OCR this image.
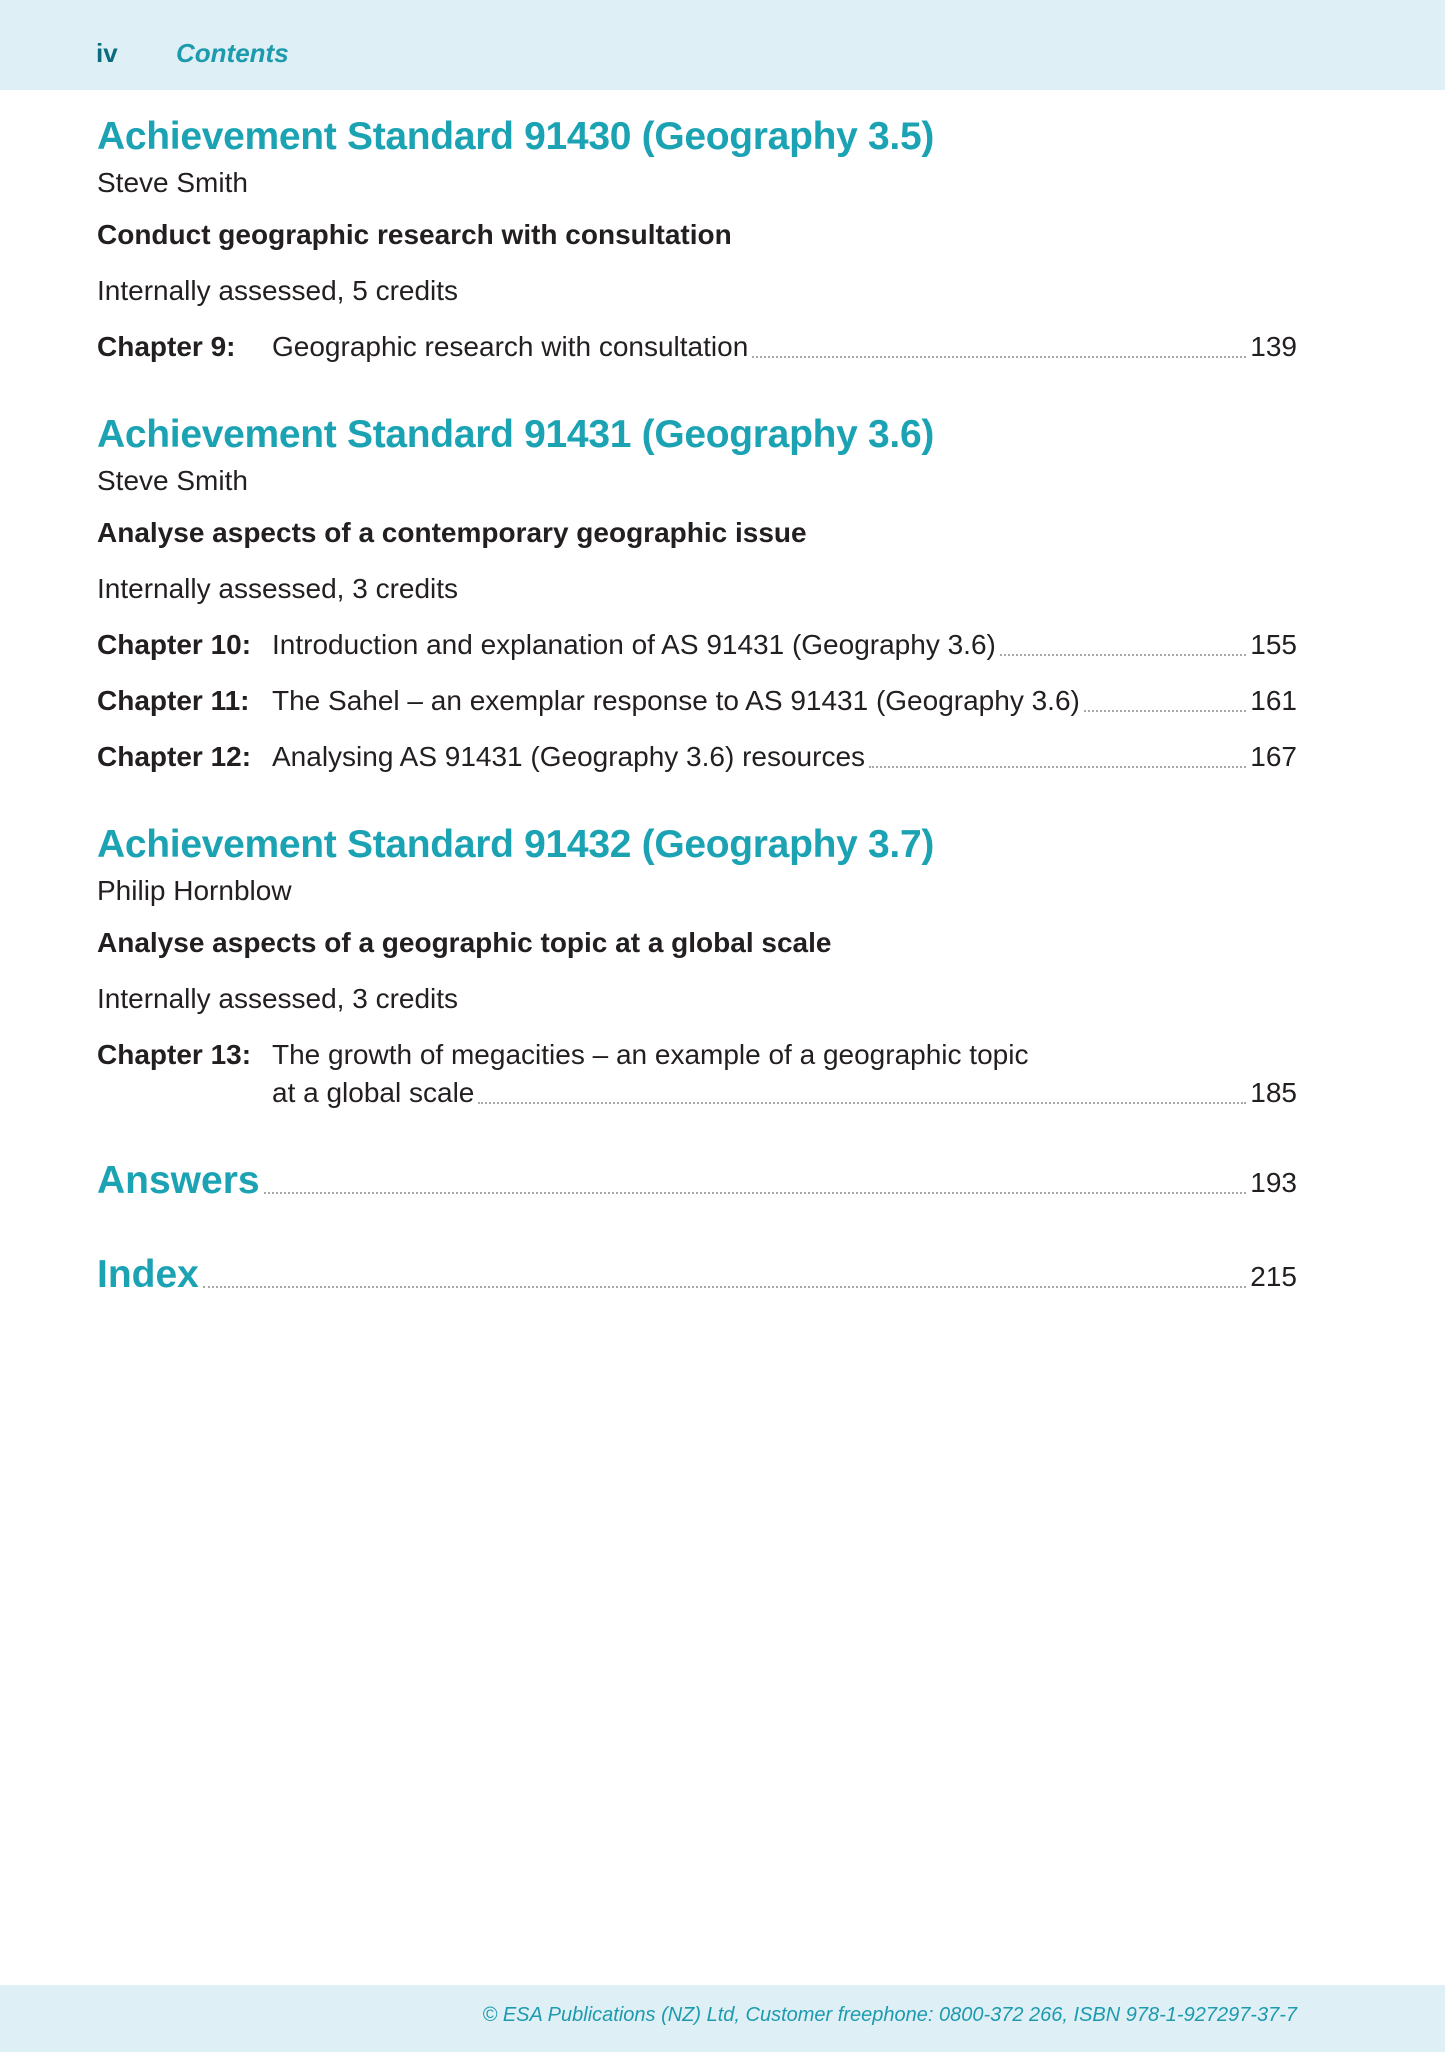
iv Contents
Achievement Standard 91430 (Geography 3.5)
Steve Smith
Conduct geographic research with consultation
Internally assessed, 5 credits
Chapter 9:	Geographic research with consultation	139
Achievement Standard 91431 (Geography 3.6)
Steve Smith
Analyse aspects of a contemporary geographic issue
Internally assessed, 3 credits
Chapter 10: Introduction and explanation of AS 91431 (Geography 3.6)	155
Chapter 11: The Sahel – an exemplar response to AS 91431 (Geography 3.6)	161
Chapter 12: Analysing AS 91431 (Geography 3.6) resources	167
Achievement Standard 91432 (Geography 3.7)
Philip Hornblow
Analyse aspects of a geographic topic at a global scale
Internally assessed, 3 credits
Chapter 13: The growth of megacities – an example of a geographic topic
at a global scale	185
Answers	193
Index	215
© ESA Publications (NZ) Ltd, Customer freephone: 0800-372 266, ISBN 978-1-927297-37-7
